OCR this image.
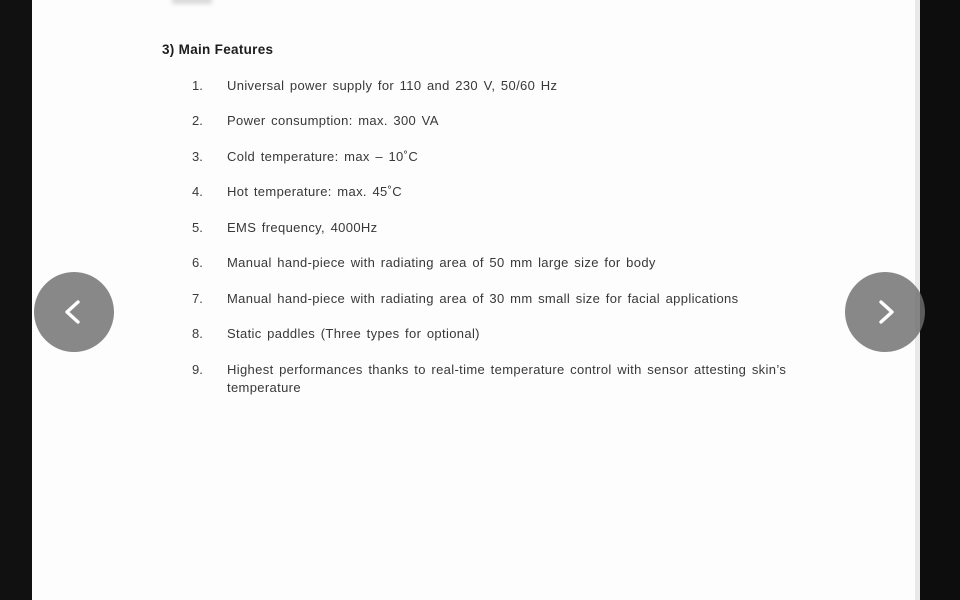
3) Main Features
1.	Universal power supply for 110 and 230 V, 50/60 Hz
2.	Power consumption: max. 300 VA
3.	Cold temperature: max – 10˚C
4.	Hot temperature: max. 45˚C
5.	EMS frequency, 4000Hz
6.	Manual hand-piece with radiating area of 50 mm large size for body
7.	Manual hand-piece with radiating area of 30 mm small size for facial applications
8.	Static paddles (Three types for optional)
9.	Highest performances thanks to real-time temperature control with sensor attesting skin’s temperature
